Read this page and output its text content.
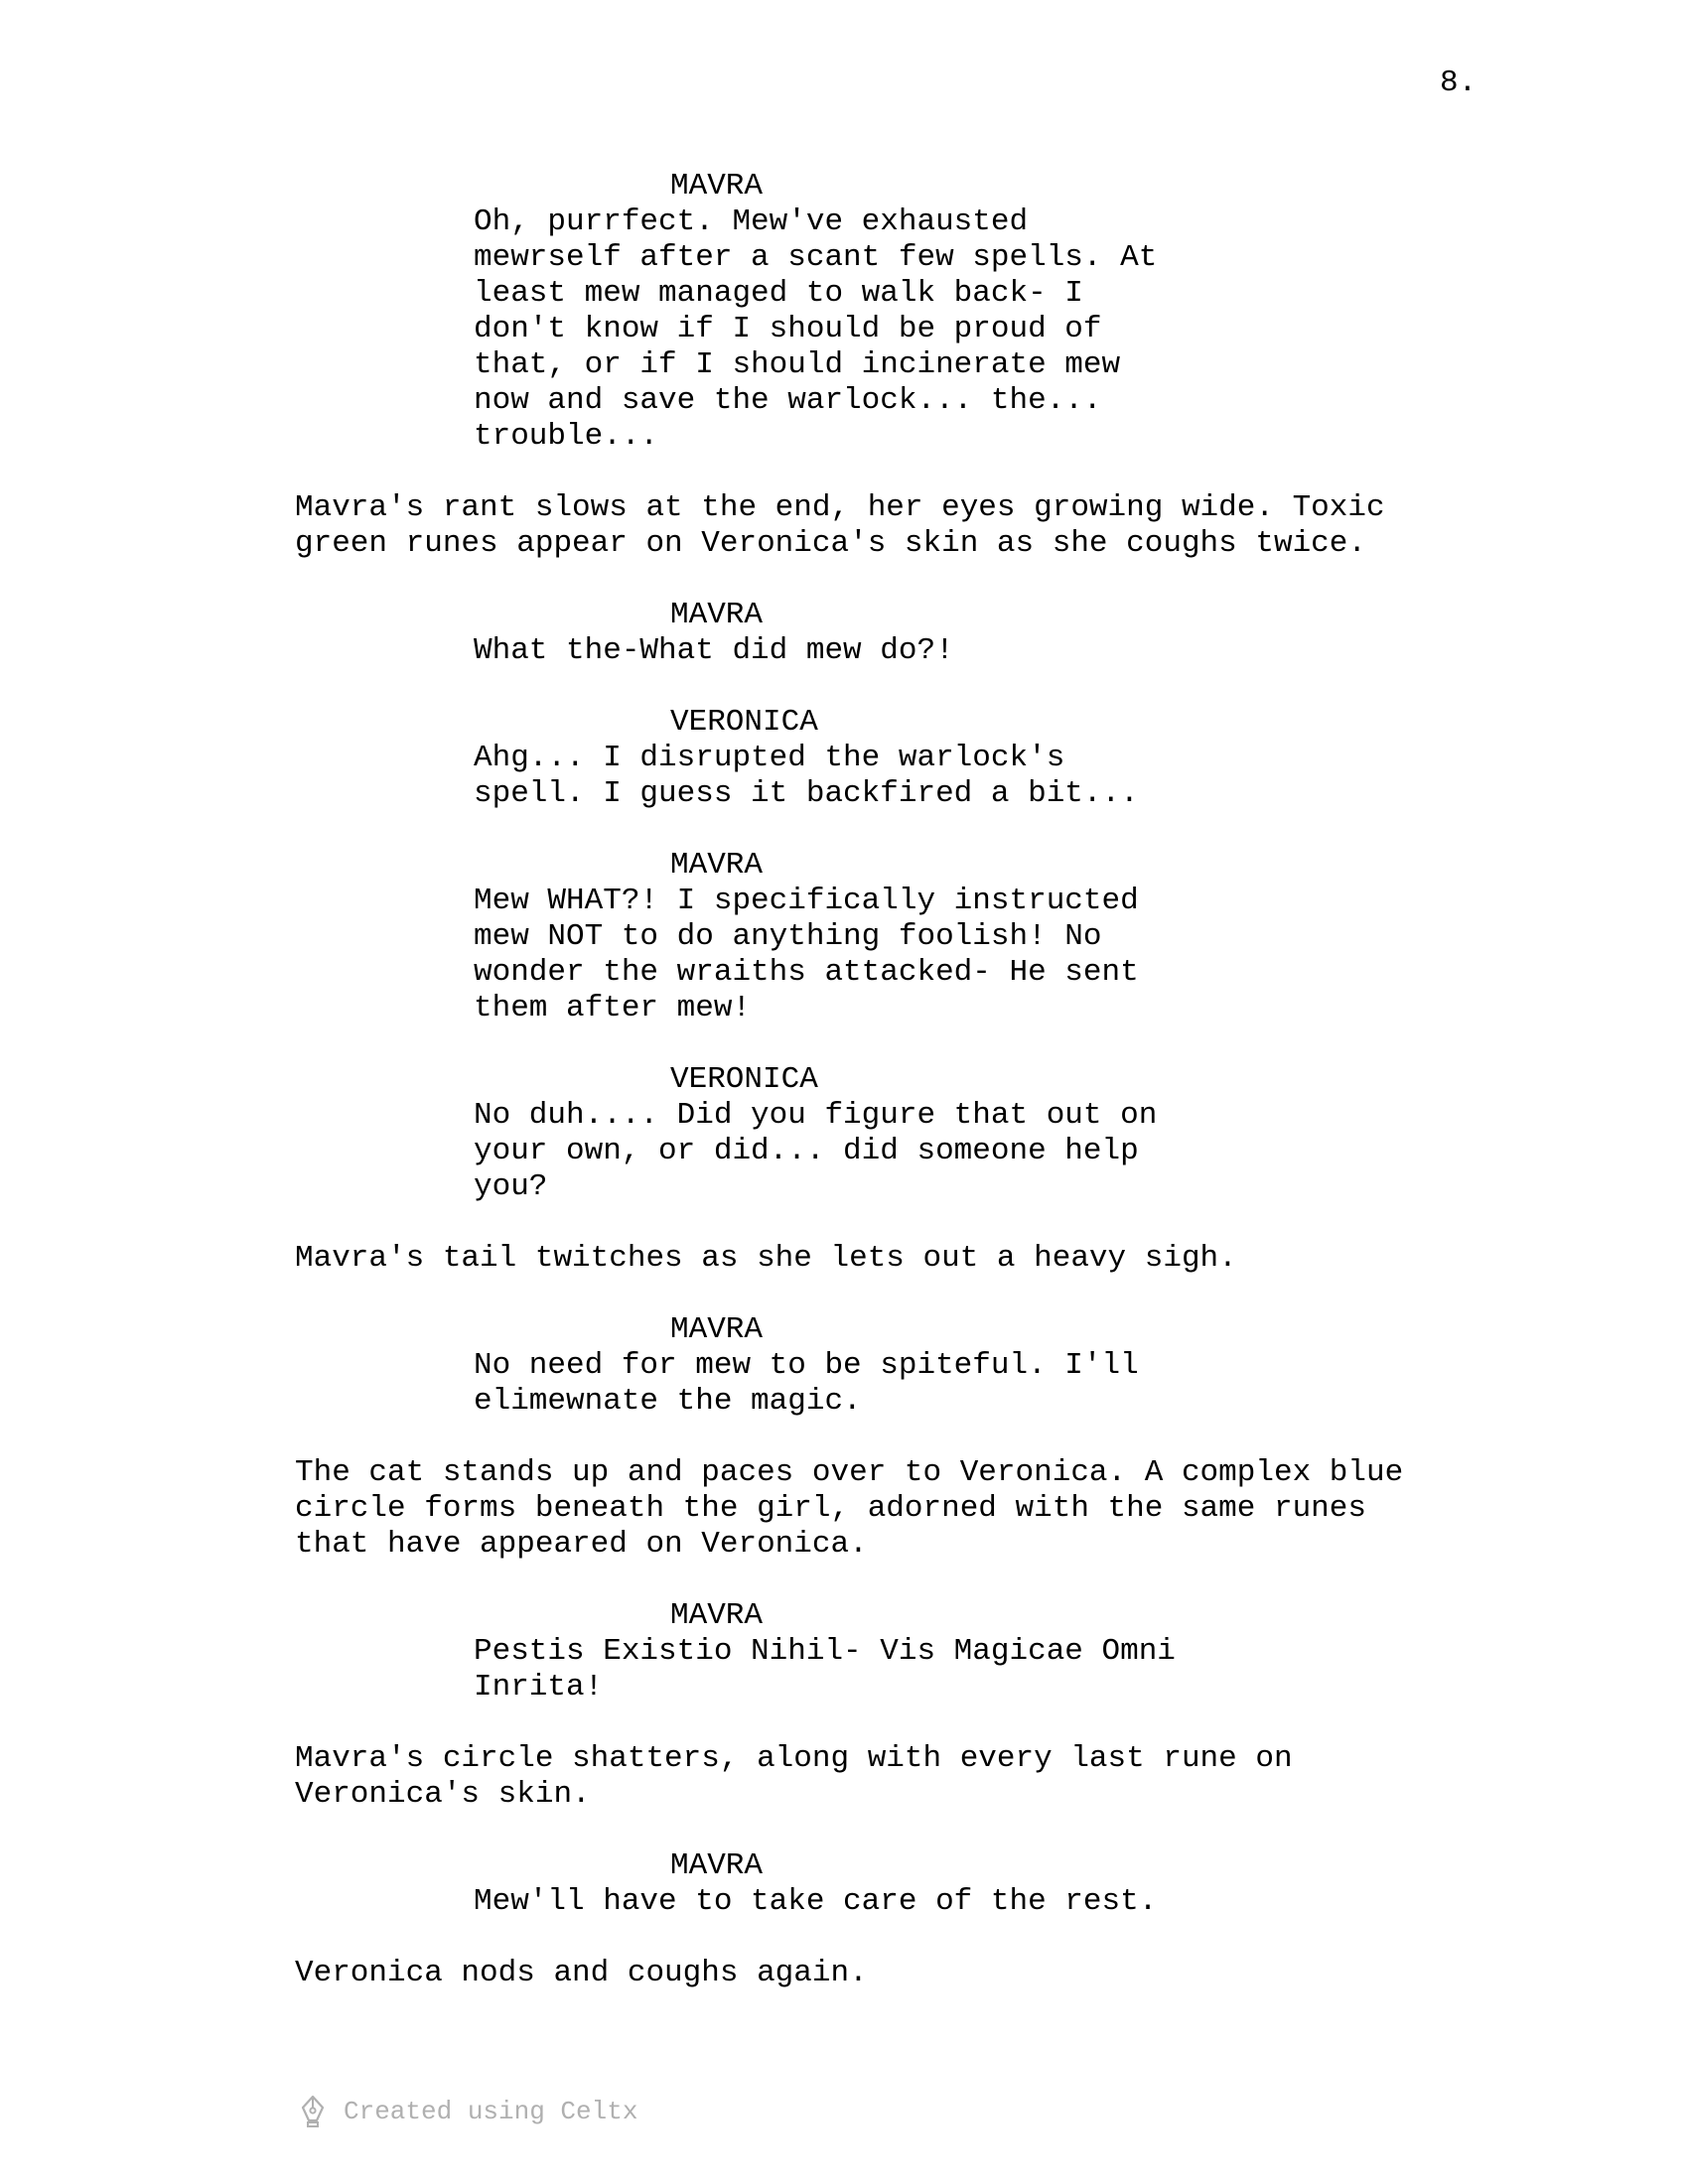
8.
MAVRA
Oh, purrfect. Mew've exhausted
mewrself after a scant few spells. At
least mew managed to walk back- I
don't know if I should be proud of
that, or if I should incinerate mew
now and save the warlock... the...
trouble...
Mavra's rant slows at the end, her eyes growing wide. Toxic
green runes appear on Veronica's skin as she coughs twice.
MAVRA
What the-What did mew do?!
VERONICA
Ahg... I disrupted the warlock's
spell. I guess it backfired a bit...
MAVRA
Mew WHAT?! I specifically instructed
mew NOT to do anything foolish! No
wonder the wraiths attacked- He sent
them after mew!
VERONICA
No duh.... Did you figure that out on
your own, or did... did someone help
you?
Mavra's tail twitches as she lets out a heavy sigh.
MAVRA
No need for mew to be spiteful. I'll
elimewnate the magic.
The cat stands up and paces over to Veronica. A complex blue
circle forms beneath the girl, adorned with the same runes
that have appeared on Veronica.
MAVRA
Pestis Existio Nihil- Vis Magicae Omni
Inrita!
Mavra's circle shatters, along with every last rune on
Veronica's skin.
MAVRA
Mew'll have to take care of the rest.
Veronica nods and coughs again.
Created using Celtx
